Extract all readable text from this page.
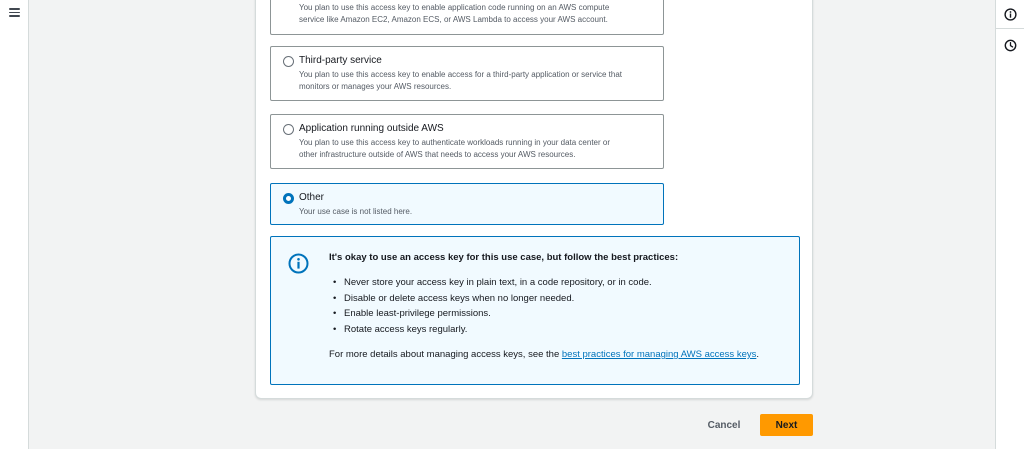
You plan to use this access key to enable application code running on an AWS compute
service like Amazon EC2, Amazon ECS, or AWS Lambda to access your AWS account.
Third-party service
You plan to use this access key to enable access for a third-party application or service that
monitors or manages your AWS resources.
Application running outside AWS
You plan to use this access key to authenticate workloads running in your data center or
other infrastructure outside of AWS that needs to access your AWS resources.
Other
Your use case is not listed here.
It's okay to use an access key for this use case, but follow the best practices:
• Never store your access key in plain text, in a code repository, or in code.
• Disable or delete access keys when no longer needed.
• Enable least-privilege permissions.
• Rotate access keys regularly.
For more details about managing access keys, see the best practices for managing AWS access keys.
Cancel	Next
